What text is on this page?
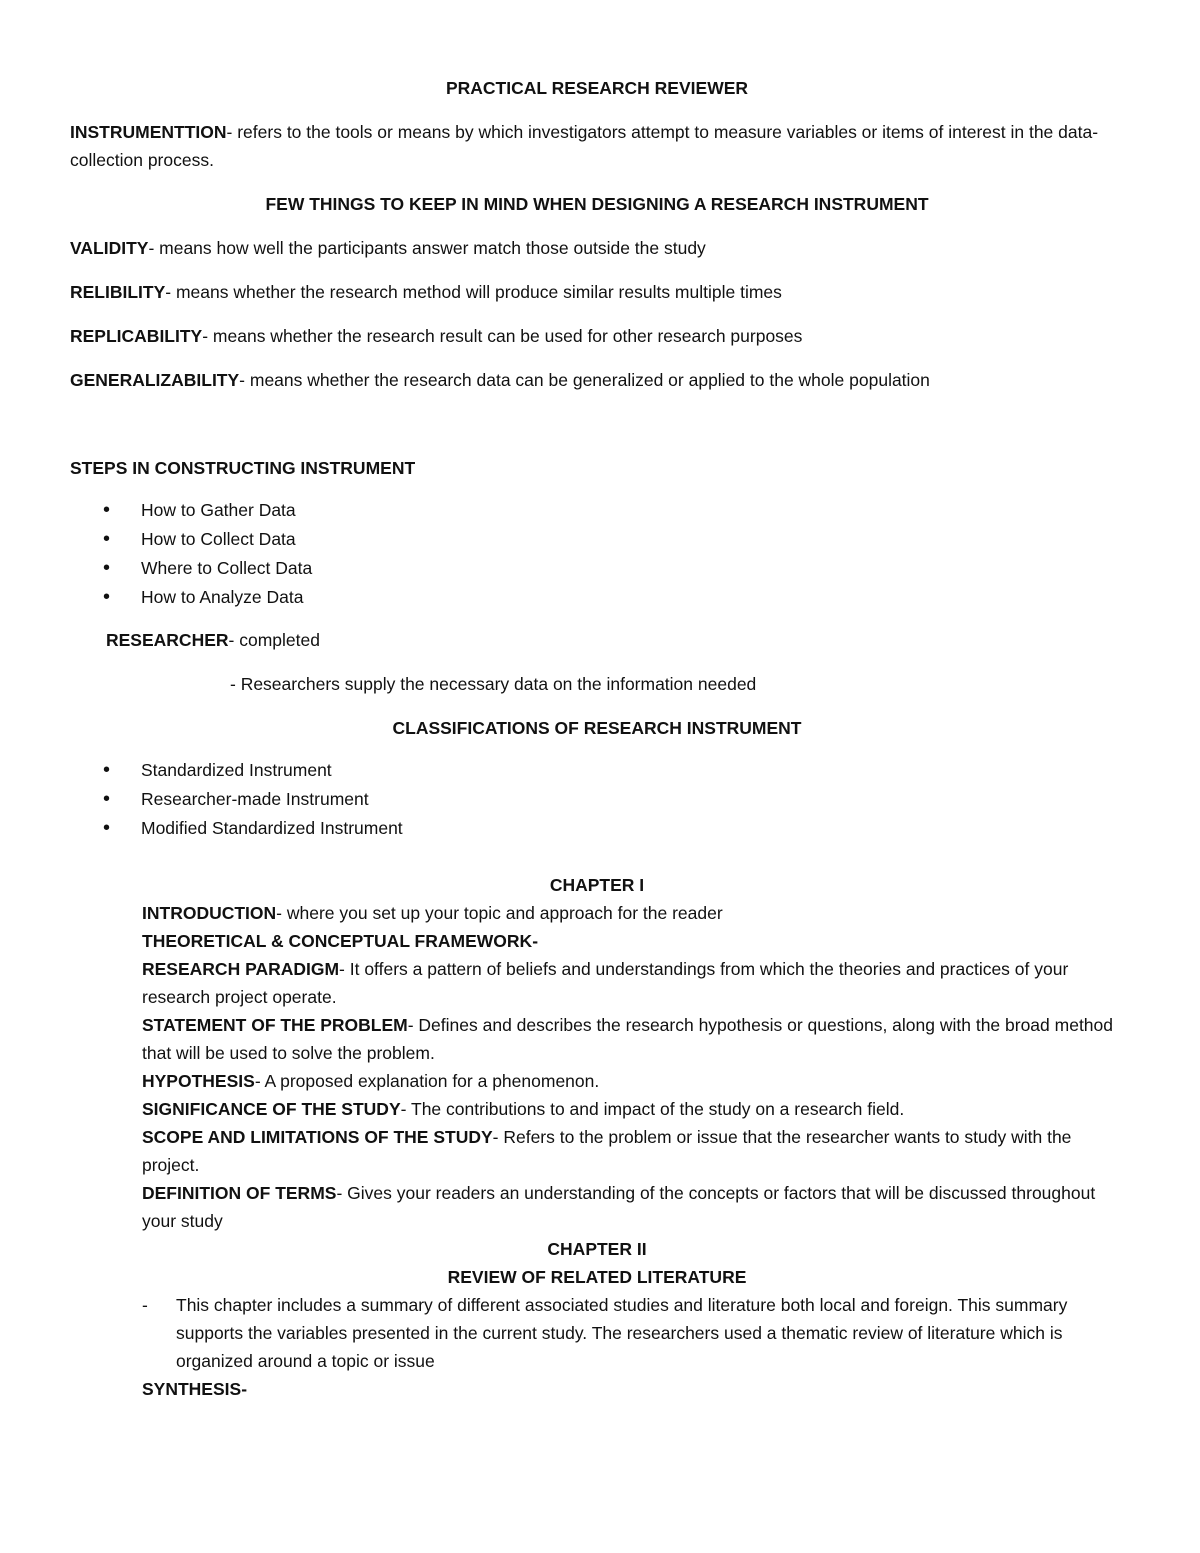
PRACTICAL RESEARCH REVIEWER

INSTRUMENTTION- refers to the tools or means by which investigators attempt to measure variables or items of interest in the data-collection process.

FEW THINGS TO KEEP IN MIND WHEN DESIGNING A RESEARCH INSTRUMENT

VALIDITY- means how well the participants answer match those outside the study

RELIBILITY- means whether the research method will produce similar results multiple times

REPLICABILITY- means whether the research result can be used for other research purposes

GENERALIZABILITY- means whether the research data can be generalized or applied to the whole population

STEPS IN CONSTRUCTING INSTRUMENT

• How to Gather Data
• How to Collect Data
• Where to Collect Data
• How to Analyze Data

RESEARCHER- completed

- Researchers supply the necessary data on the information needed

CLASSIFICATIONS OF RESEARCH INSTRUMENT

• Standardized Instrument
• Researcher-made Instrument
• Modified Standardized Instrument

CHAPTER I

INTRODUCTION- where you set up your topic and approach for the reader

THEORETICAL & CONCEPTUAL FRAMEWORK-

RESEARCH PARADIGM- It offers a pattern of beliefs and understandings from which the theories and practices of your research project operate.

STATEMENT OF THE PROBLEM- Defines and describes the research hypothesis or questions, along with the broad method that will be used to solve the problem.

HYPOTHESIS- A proposed explanation for a phenomenon.

SIGNIFICANCE OF THE STUDY- The contributions to and impact of the study on a research field.

SCOPE AND LIMITATIONS OF THE STUDY- Refers to the problem or issue that the researcher wants to study with the project.

DEFINITION OF TERMS- Gives your readers an understanding of the concepts or factors that will be discussed throughout your study

CHAPTER II

REVIEW OF RELATED LITERATURE

- This chapter includes a summary of different associated studies and literature both local and foreign. This summary supports the variables presented in the current study. The researchers used a thematic review of literature which is organized around a topic or issue

SYNTHESIS-
